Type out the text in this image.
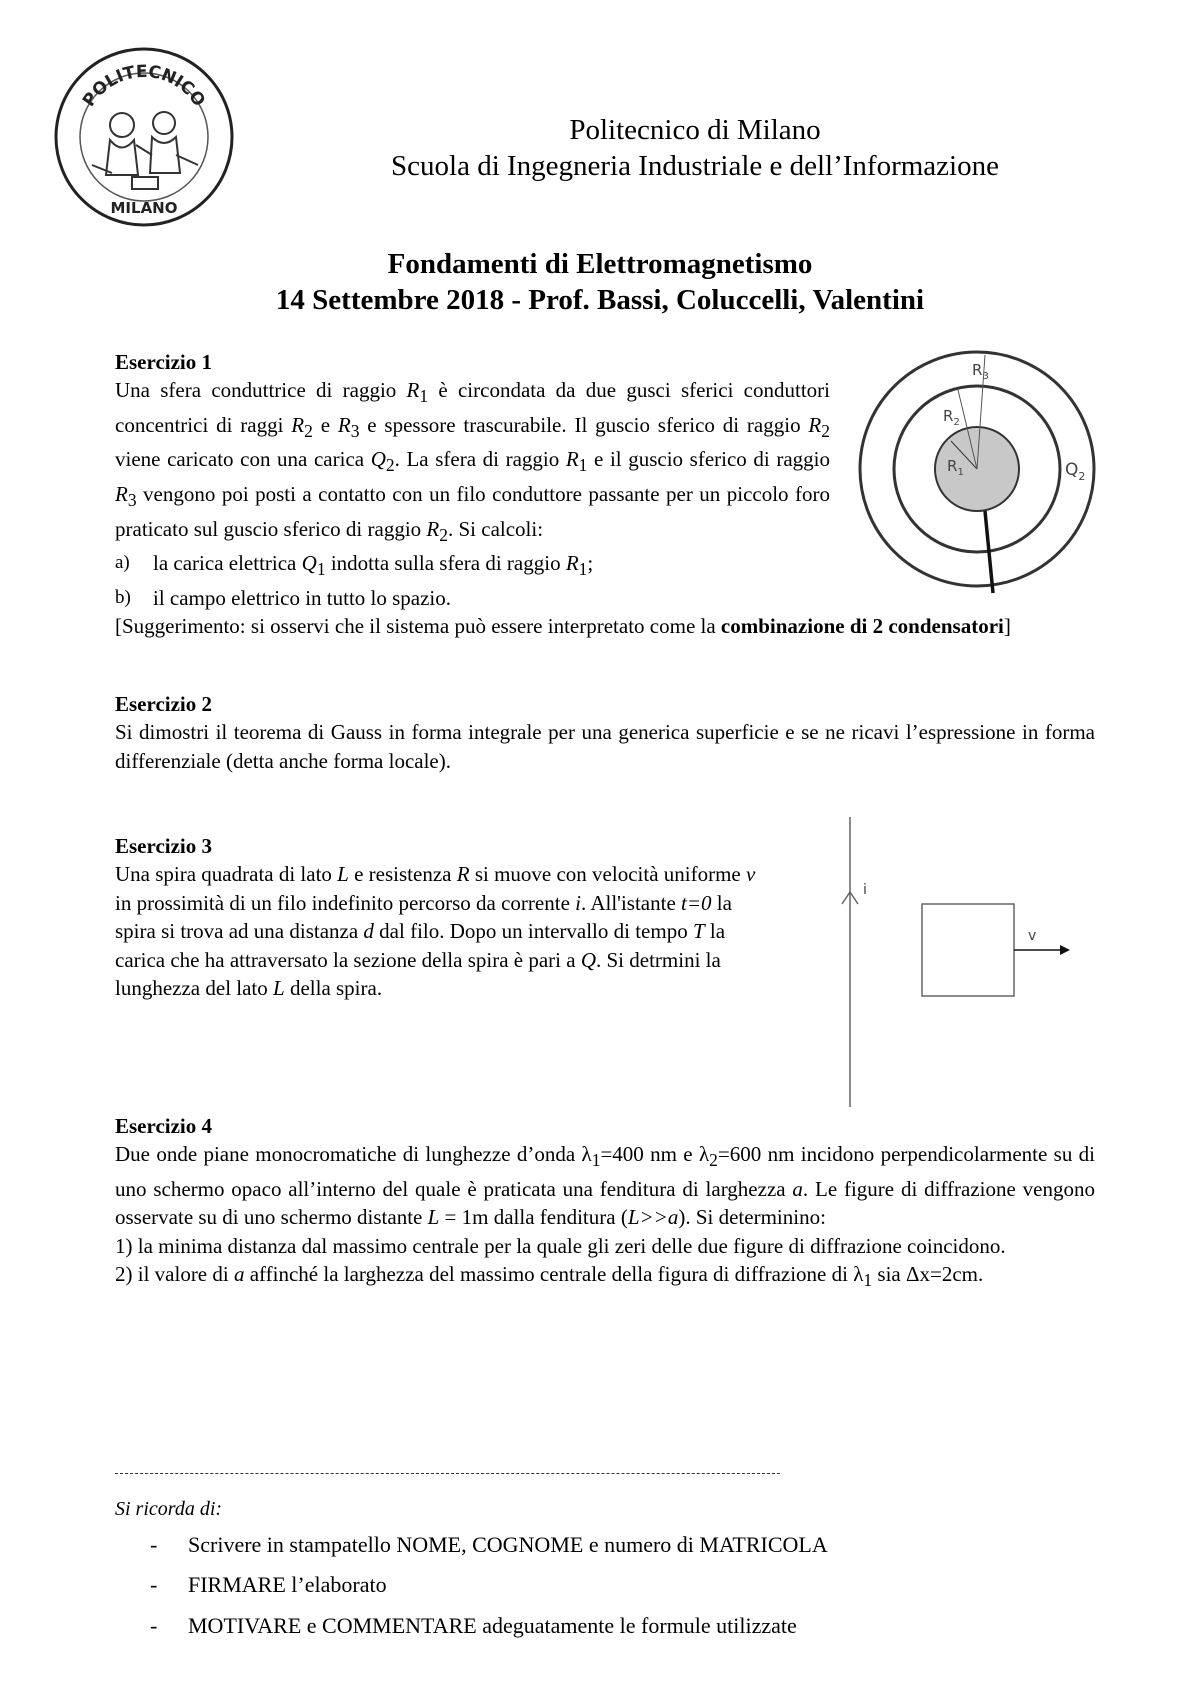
POLITECNICO
MILANO
Politecnico di Milano
Scuola di Ingegneria Industriale e dell’Informazione
Fondamenti di Elettromagnetismo
14 Settembre 2018 - Prof. Bassi, Coluccelli, Valentini
Esercizio 1
Una sfera conduttrice di raggio $R_1$ è circondata da due gusci sferici conduttori concentrici di raggi $R_2$ e $R_3$ e spessore trascurabile. Il guscio sferico di raggio $R_2$ viene caricato con una carica $Q_2$. La sfera di raggio $R_1$ e il guscio sferico di raggio $R_3$ vengono poi posti a contatto con un filo conduttore passante per un piccolo foro praticato sul guscio sferico di raggio $R_2$. Si calcoli:
a)	la carica elettrica $Q_1$ indotta sulla sfera di raggio $R_1$;
b)	il campo elettrico in tutto lo spazio.
[Suggerimento: si osservi che il sistema può essere interpretato come la combinazione di 2 condensatori]
$R_1$
$R_2$
$R_3$
$Q_2$
Esercizio 2
Si dimostri il teorema di Gauss in forma integrale per una generica superficie e se ne ricavi l’espressione in forma differenziale (detta anche forma locale).
Esercizio 3
Una spira quadrata di lato L e resistenza R si muove con velocità uniforme v in prossimità di un filo indefinito percorso da corrente i. All'istante t=0 la spira si trova ad una distanza d dal filo. Dopo un intervallo di tempo T la carica che ha attraversato la sezione della spira è pari a Q. Si detrmini la lunghezza del lato L della spira.
i
v
Esercizio 4
Due onde piane monocromatiche di lunghezze d’onda $\lambda_1=400$ nm e $\lambda_2=600$ nm incidono perpendicolarmente su di uno schermo opaco all’interno del quale è praticata una fenditura di larghezza a. Le figure di diffrazione vengono osservate su di uno schermo distante L = 1m dalla fenditura (L>>a). Si determinino:
1) la minima distanza dal massimo centrale per la quale gli zeri delle due figure di diffrazione coincidono.
2) il valore di a affinché la larghezza del massimo centrale della figura di diffrazione di $\lambda_1$ sia Δx=2cm.
Si ricorda di:
- Scrivere in stampatello NOME, COGNOME e numero di MATRICOLA
- FIRMARE l’elaborato
- MOTIVARE e COMMENTARE adeguatamente le formule utilizzate
